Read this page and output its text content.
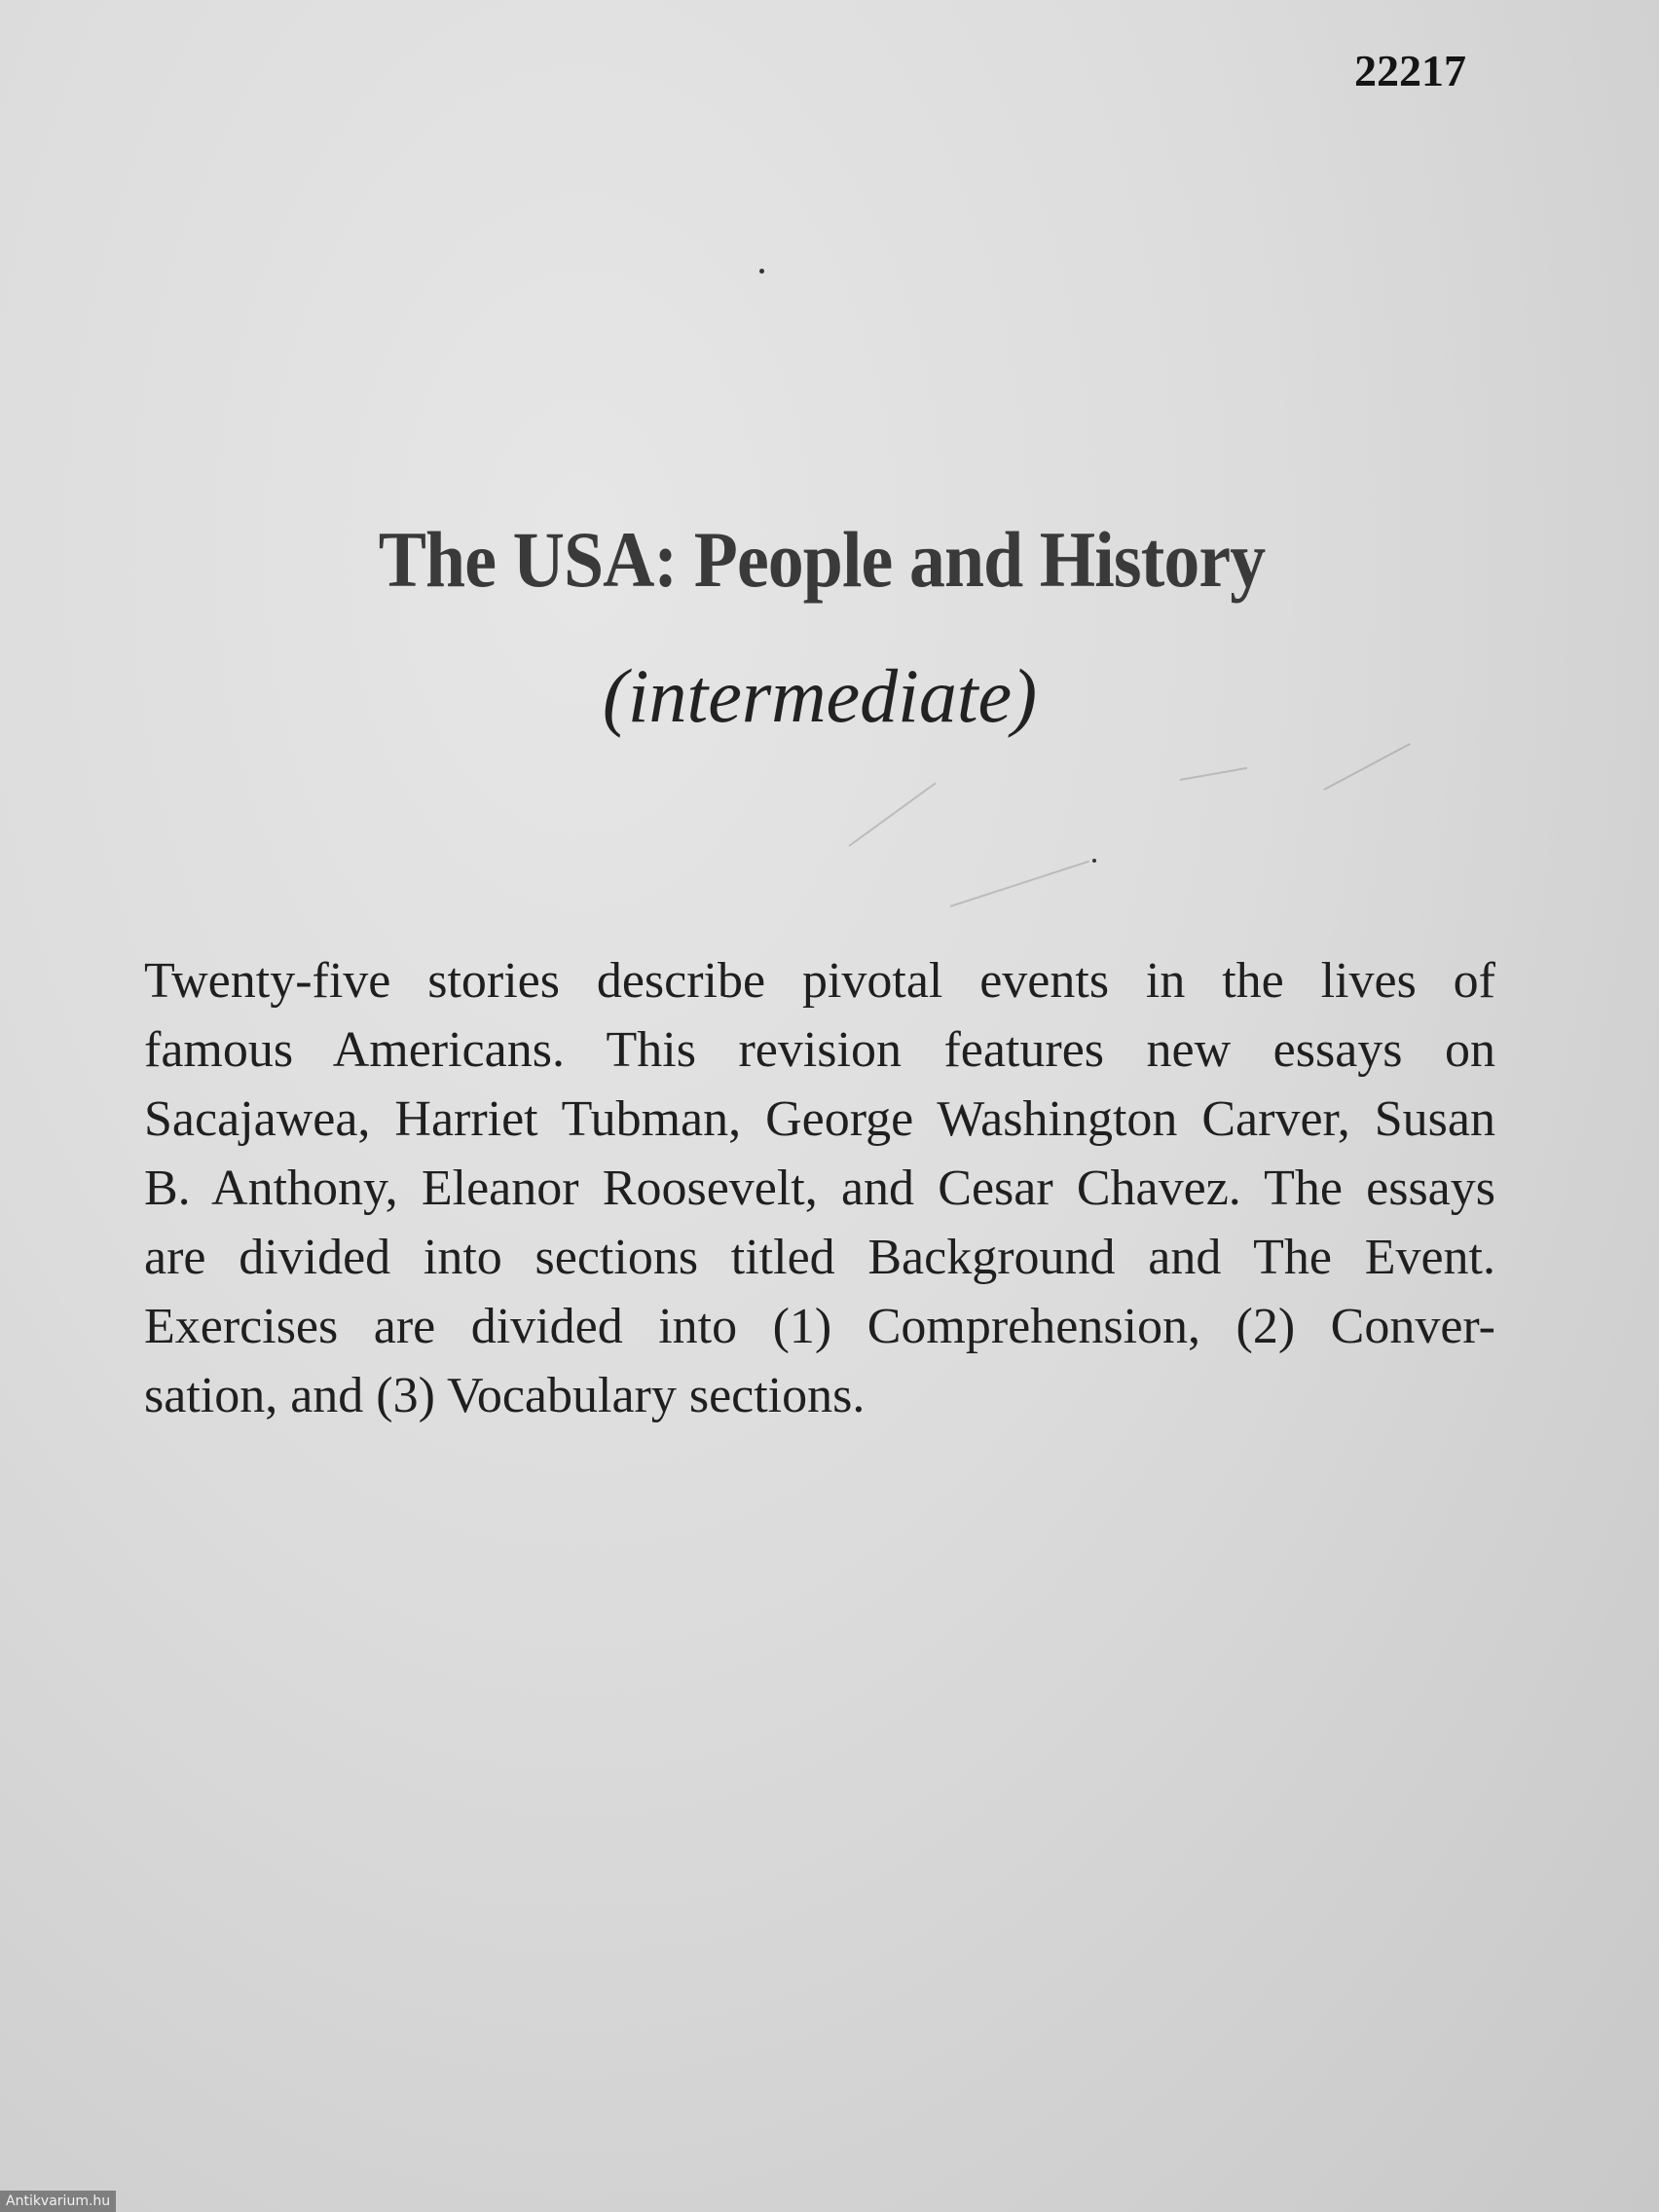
22217
The USA: People and History
(intermediate)
Twenty-five stories describe pivotal events in the lives of
famous Americans. This revision features new essays on
Sacajawea, Harriet Tubman, George Washington Carver, Susan
B. Anthony, Eleanor Roosevelt, and Cesar Chavez. The essays
are divided into sections titled Background and The Event.
Exercises are divided into (1) Comprehension, (2) Conver-
sation, and (3) Vocabulary sections.
Antikvarium.hu
